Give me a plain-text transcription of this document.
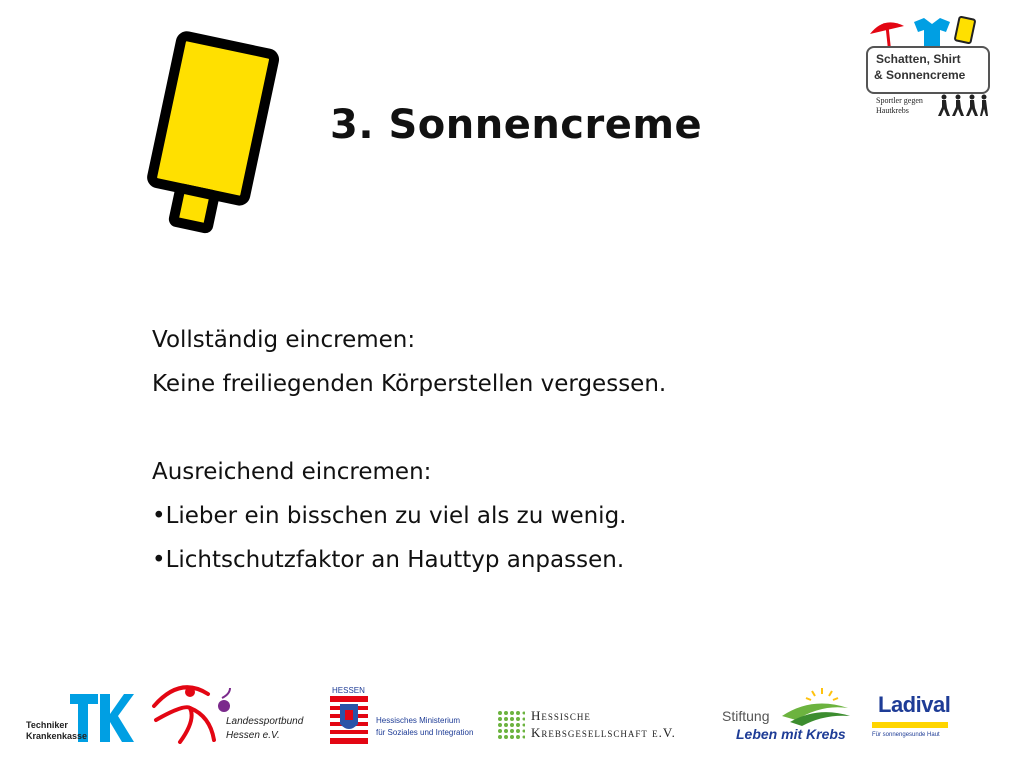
3. Sonnencreme
Schatten, Shirt
& Sonnencreme
Sportler gegen
Hautkrebs
Vollständig eincremen:
Keine freiliegenden Körperstellen vergessen.
Ausreichend eincremen:
•Lieber ein bisschen zu viel als zu wenig.
•Lichtschutzfaktor an Hauttyp anpassen.
Techniker
Krankenkasse
Landessportbund
Hessen e.V.
HESSEN
Hessisches Ministerium
für Soziales und Integration
Hessische
Krebsgesellschaft e.V.
Stiftung
Leben mit Krebs
Ladival
Für sonnengesunde Haut
